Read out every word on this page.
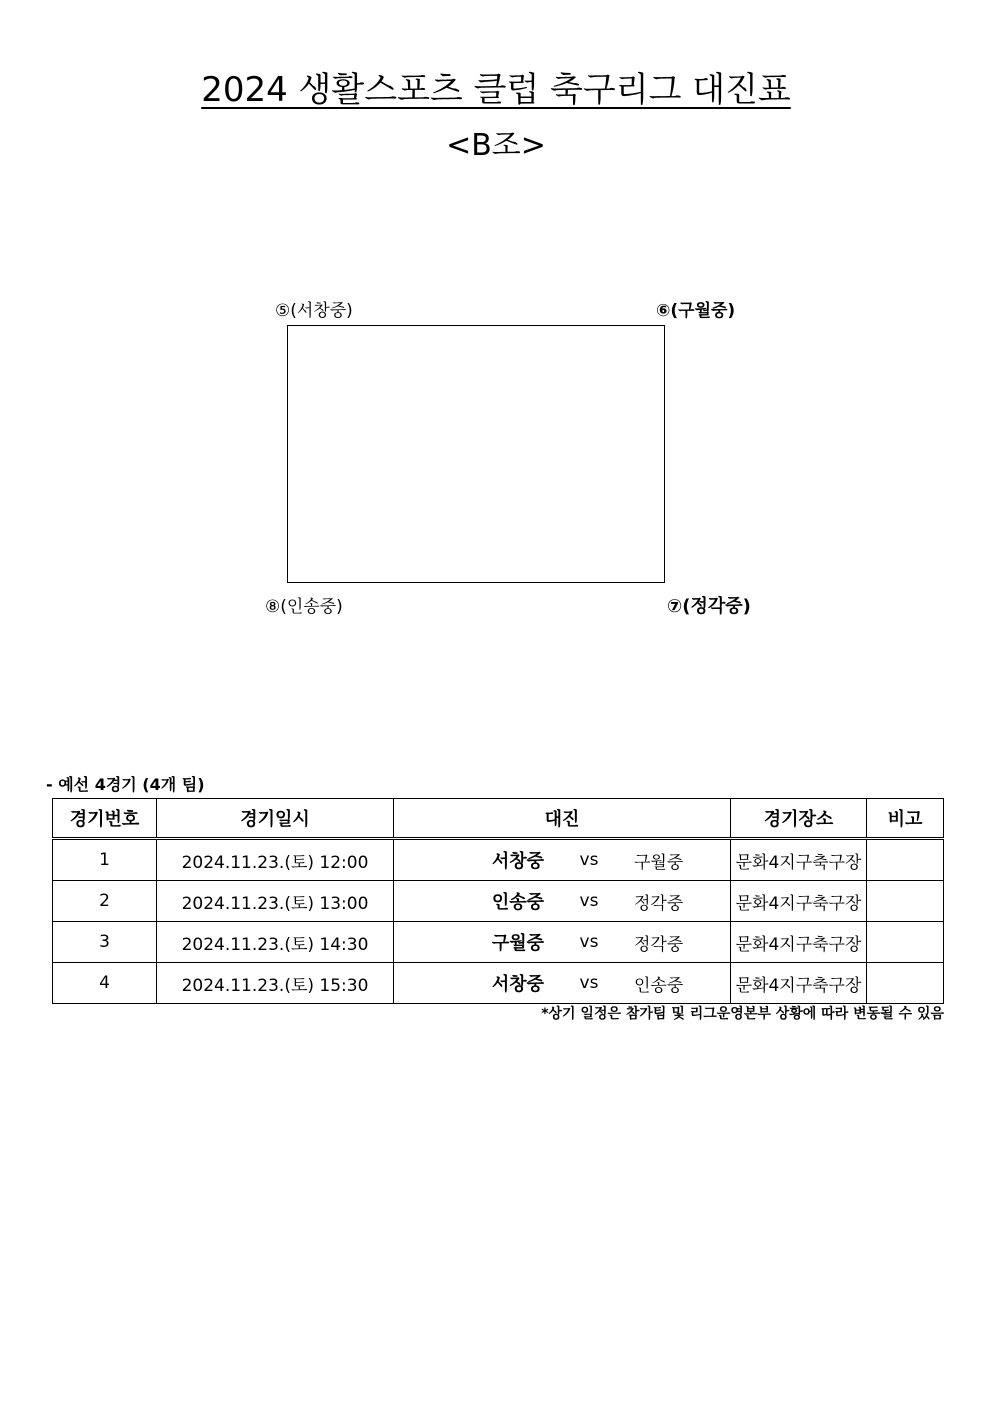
2024 생활스포츠 클럽 축구리그 대진표
<B조>
⑤(서창중)	⑥(구월중)
⑧(인송중)	⑦(정각중)
- 예선 4경기 (4개 팀)
경기번호	경기일시	대진	경기장소	비고
1	2024.11.23.(토) 12:00	서창중 vs 구월중	문화4지구축구장	
2	2024.11.23.(토) 13:00	인송중 vs 정각중	문화4지구축구장	
3	2024.11.23.(토) 14:30	구월중 vs 정각중	문화4지구축구장	
4	2024.11.23.(토) 15:30	서창중 vs 인송중	문화4지구축구장	
*상기 일정은 참가팀 및 리그운영본부 상황에 따라 변동될 수 있음
